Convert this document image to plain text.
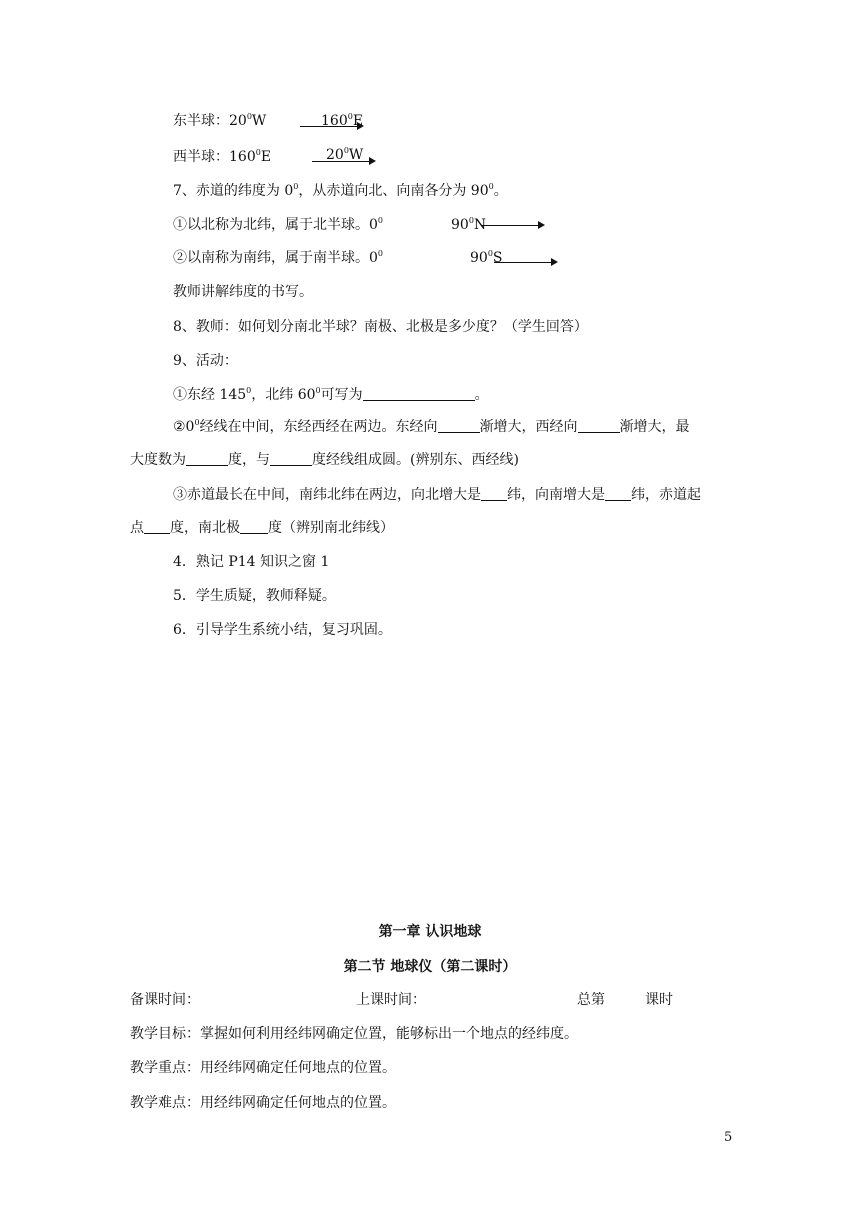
东半球：$20^0W$	$160^0E$
西半球：$160^0E$	$20^0W$
7、赤道的纬度为 $0^0$，从赤道向北、向南各分为 $90^0$。
①以北称为北纬，属于北半球。$0^0$	$90^0N$
②以南称为南纬，属于南半球。$0^0$	$90^0S$
教师讲解纬度的书写。
8、教师：如何划分南北半球？南极、北极是多少度？（学生回答）
9、活动：
①东经 $145^0$，北纬 $60^0$可写为	。
$②0^0$经线在中间，东经西经在两边。东经向	渐增大，西经向	渐增大，最
大度数为	度，与	度经线组成圆。(辨别东、西经线)
③赤道最长在中间，南纬北纬在两边，向北增大是 纬，向南增大是 纬，赤道起
点 度，南北极 度（辨别南北纬线）
4．熟记 P14 知识之窗 1
5．学生质疑，教师释疑。
6．引导学生系统小结，复习巩固。
第一章 认识地球
第二节 地球仪（第二课时）
备课时间：	上课时间：	总第	课时
教学目标：掌握如何利用经纬网确定位置，能够标出一个地点的经纬度。
教学重点：用经纬网确定任何地点的位置。
教学难点：用经纬网确定任何地点的位置。
5
